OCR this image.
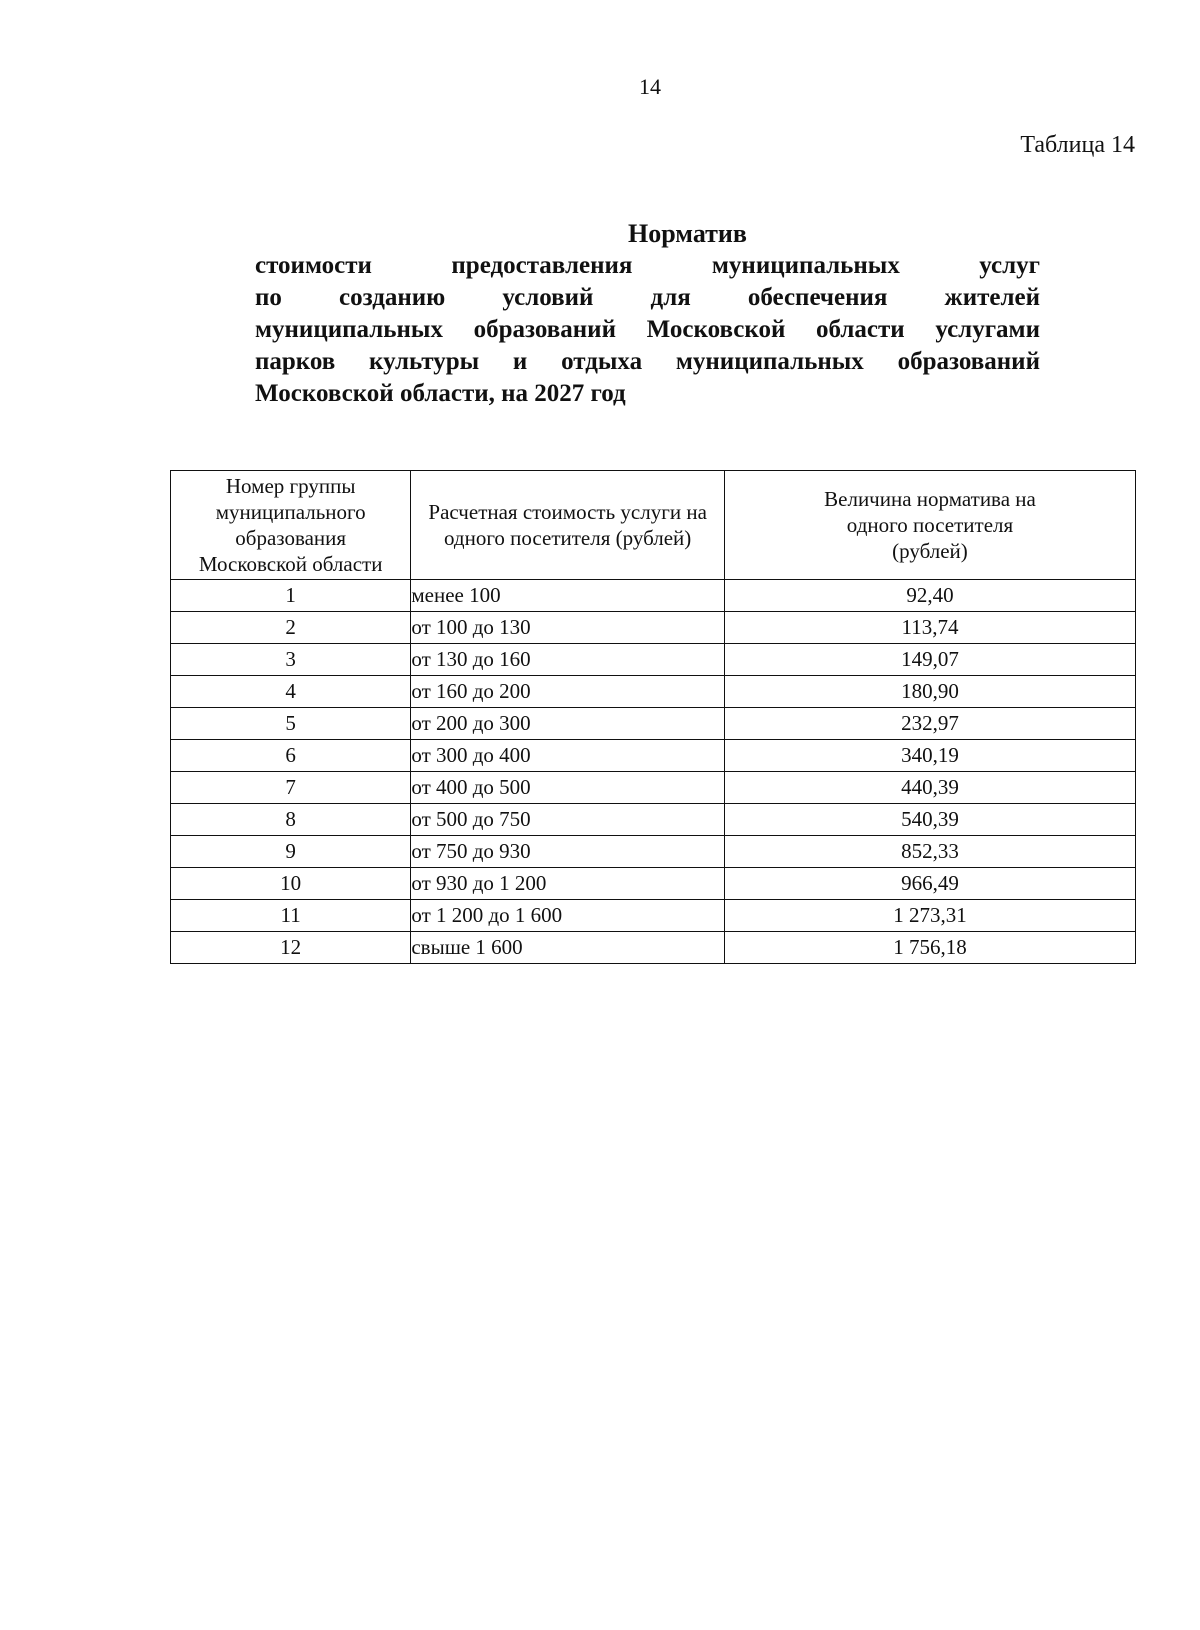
14
Таблица 14
Норматив
стоимости предоставления муниципальных услуг
по созданию условий для обеспечения жителей
муниципальных образований Московской области услугами
парков культуры и отдыха муниципальных образований
Московской области, на 2027 год
Номер группы муниципального образования Московской области	Расчетная стоимость услуги на одного посетителя (рублей)	Величина норматива на одного посетителя (рублей)

1	менее 100	92,40
2	от 100 до 130	113,74
3	от 130 до 160	149,07
4	от 160 до 200	180,90
5	от 200 до 300	232,97
6	от 300 до 400	340,19
7	от 400 до 500	440,39
8	от 500 до 750	540,39
9	от 750 до 930	852,33
10	от 930 до 1 200	966,49
11	от 1 200 до 1 600	1 273,31
12	свыше 1 600	1 756,18
